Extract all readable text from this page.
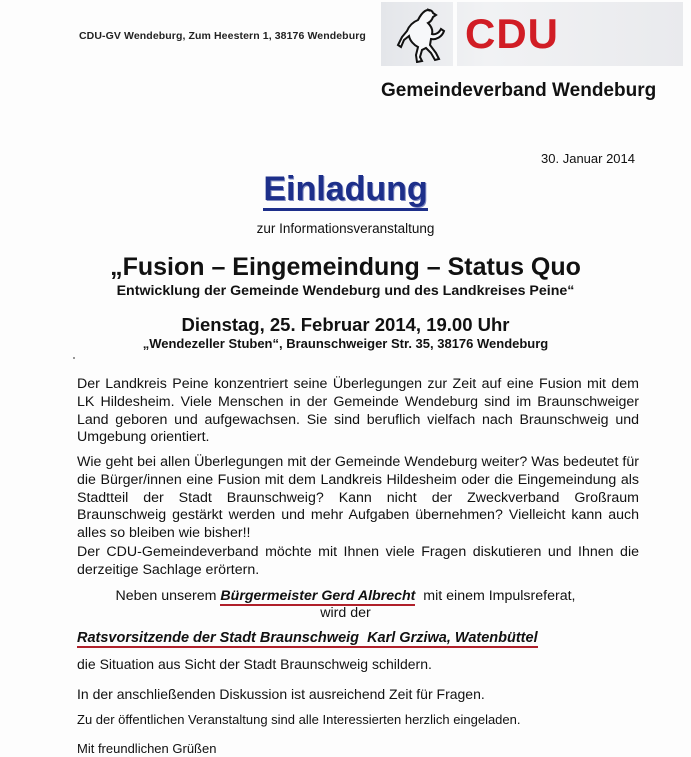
CDU-GV Wendeburg, Zum Heestern 1, 38176 Wendeburg CDU
Gemeindeverband Wendeburg
30. Januar 2014
Einladung
zur Informationsveranstaltung
„Fusion – Eingemeindung – Status Quo
Entwicklung der Gemeinde Wendeburg und des Landkreises Peine“
Dienstag, 25. Februar 2014, 19.00 Uhr
„Wendezeller Stuben“, Braunschweiger Str. 35, 38176 Wendeburg
Der Landkreis Peine konzentriert seine Überlegungen zur Zeit auf eine Fusion mit dem LK Hildesheim. Viele Menschen in der Gemeinde Wendeburg sind im Braunschweiger Land geboren und aufgewachsen. Sie sind beruflich vielfach nach Braunschweig und Umgebung orientiert.
Wie geht bei allen Überlegungen mit der Gemeinde Wendeburg weiter? Was bedeutet für die Bürger/innen eine Fusion mit dem Landkreis Hildesheim oder die Eingemeindung als Stadtteil der Stadt Braunschweig? Kann nicht der Zweckverband Großraum Braunschweig gestärkt werden und mehr Aufgaben übernehmen? Vielleicht kann auch alles so bleiben wie bisher!!
Der CDU-Gemeindeverband möchte mit Ihnen viele Fragen diskutieren und Ihnen die derzeitige Sachlage erörtern.
Neben unserem Bürgermeister Gerd Albrecht  mit einem Impulsreferat,
wird der
Ratsvorsitzende der Stadt Braunschweig  Karl Grziwa, Watenbüttel
die Situation aus Sicht der Stadt Braunschweig schildern.
In der anschließenden Diskussion ist ausreichend Zeit für Fragen.
Zu der öffentlichen Veranstaltung sind alle Interessierten herzlich eingeladen.
Mit freundlichen Grüßen
